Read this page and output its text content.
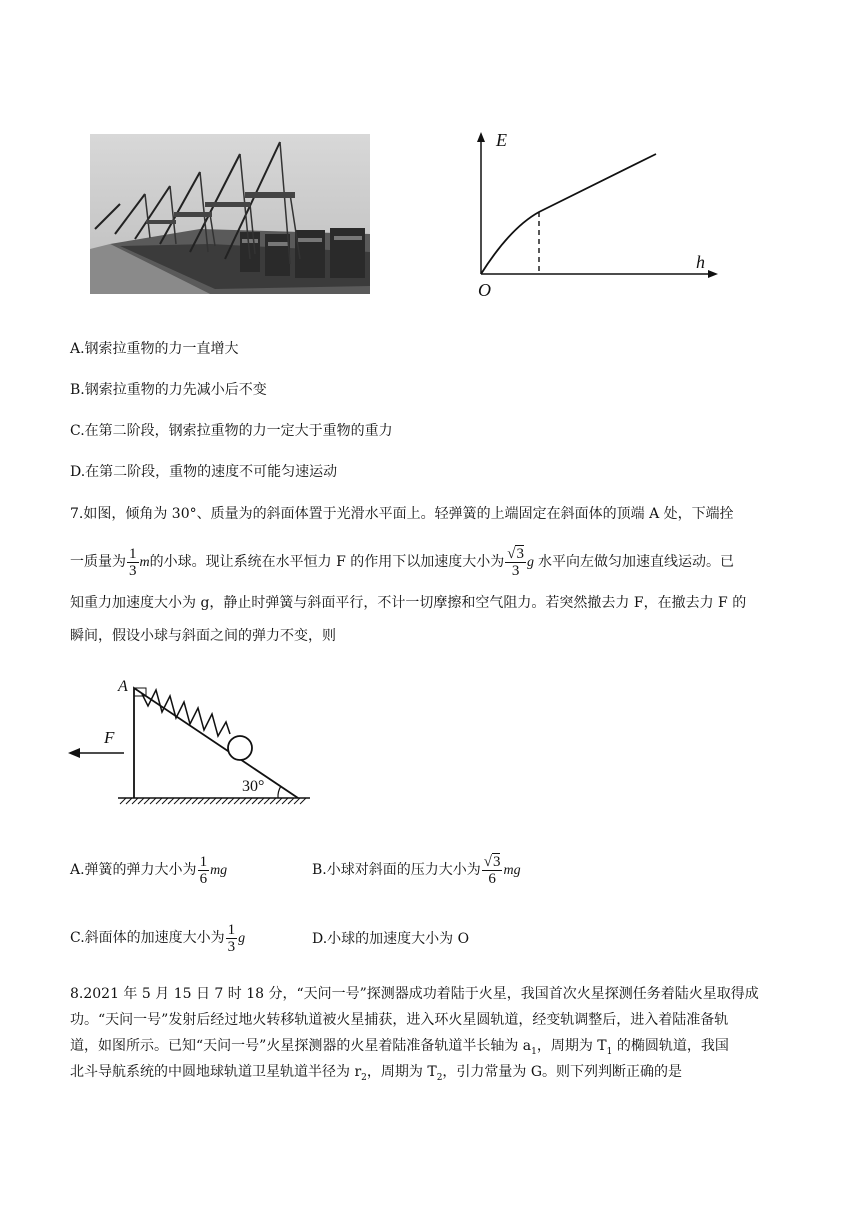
E
h
O
A.钢索拉重物的力一直增大
B.钢索拉重物的力先减小后不变
C.在第二阶段，钢索拉重物的力一定大于重物的重力
D.在第二阶段，重物的速度不可能匀速运动
7.如图，倾角为 30°、质量为的斜面体置于光滑水平面上。轻弹簧的上端固定在斜面体的顶端 A 处，下端拴
一质量为 $\frac{1}{3}$ m的小球。现让系统在水平恒力 F 的作用下以加速度大小为 $\frac{√3}{3}$ g 水平向左做匀加速直线运动。已
知重力加速度大小为 g，静止时弹簧与斜面平行，不计一切摩擦和空气阻力。若突然撤去力 F，在撤去力 F 的
瞬间，假设小球与斜面之间的弹力不变，则
A
F
30°
A.弹簧的弹力大小为 $\frac{1}{6}$ mg	B.小球对斜面的压力大小为 $\frac{√3}{6}$ mg
C.斜面体的加速度大小为 $\frac{1}{3}$ g	D.小球的加速度大小为 O
8.2021 年 5 月 15 日 7 时 18 分，“天问一号”探测器成功着陆于火星，我国首次火星探测任务着陆火星取得成
功。“天问一号”发射后经过地火转移轨道被火星捕获，进入环火星圆轨道，经变轨调整后，进入着陆准备轨
道，如图所示。已知“天问一号”火星探测器的火星着陆准备轨道半长轴为 $a_1$，周期为 $T_1$ 的椭圆轨道，我国
北斗导航系统的中圆地球轨道卫星轨道半径为 $r_2$，周期为 $T_2$，引力常量为 G。则下列判断正确的是
